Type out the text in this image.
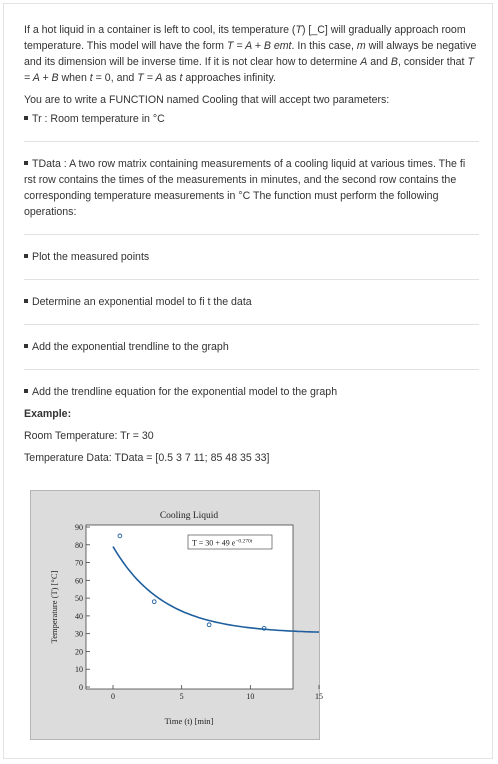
If a hot liquid in a container is left to cool, its temperature (T) [_C] will gradually approach room temperature. This model will have the form T = A + B emt. In this case, m will always be negative and its dimension will be inverse time. If it is not clear how to determine A and B, consider that T = A + B when t = 0, and T = A as t approaches infinity.

You are to write a FUNCTION named Cooling that will accept two parameters:

Tr : Room temperature in °C

TData : A two row matrix containing measurements of a cooling liquid at various times. The fi rst row contains the times of the measurements in minutes, and the second row contains the corresponding temperature measurements in °C The function must perform the following operations:

Plot the measured points

Determine an exponential model to fi t the data

Add the exponential trendline to the graph

Add the trendline equation for the exponential model to the graph

Example:

Room Temperature: Tr = 30

Temperature Data: TData = [0.5 3 7 11; 85 48 35 33]

Cooling Liquid
Time (t) [min]
Temperature (T) [°C]
0	5	10	15
0
10
20
30
40
50
60
70
80
90
T = 30 + 49 $e^{-0.270t}$
